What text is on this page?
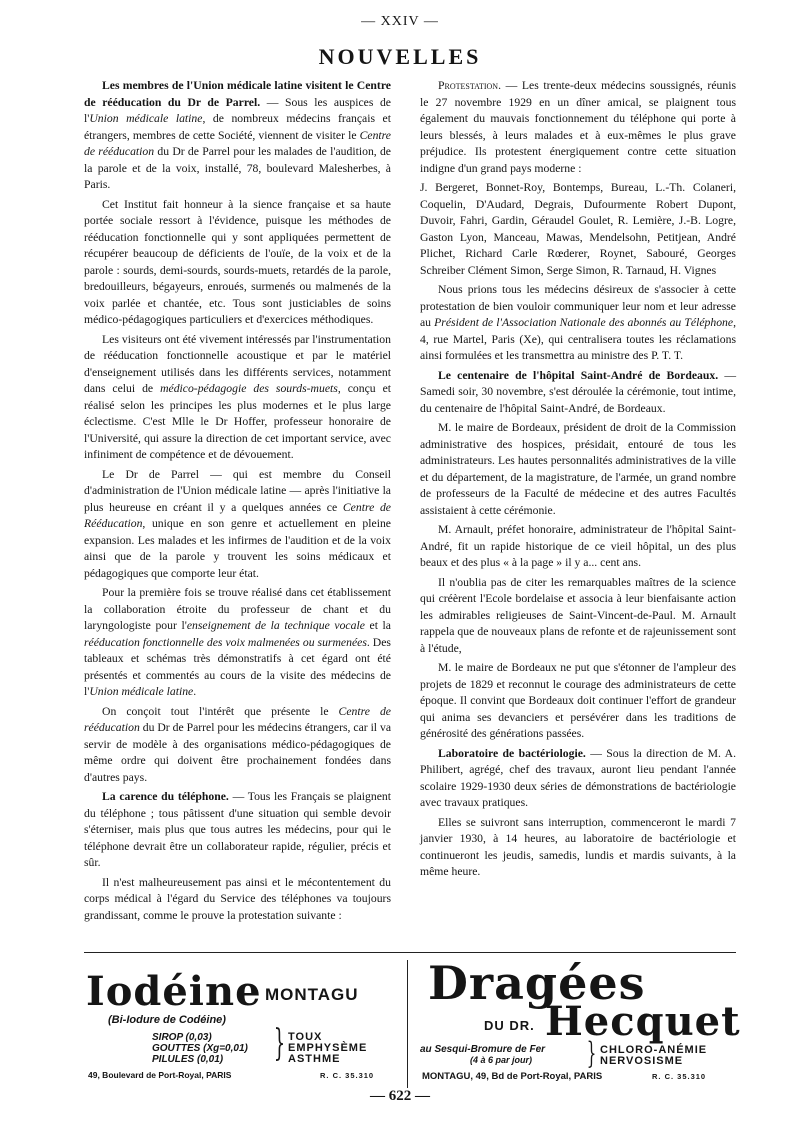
— XXIV —
NOUVELLES

Les membres de l'Union médicale latine visitent le Centre de rééducation du Dr de Parrel. — Sous les auspices de l'Union médicale latine, de nombreux médecins français et étrangers, membres de cette Société, viennent de visiter le Centre de rééducation du Dr de Parrel pour les malades de l'audition, de la parole et de la voix, installé, 78, boulevard Malesherbes, à Paris.

Cet Institut fait honneur à la sience française et sa haute portée sociale ressort à l'évidence, puisque les méthodes de rééducation fonctionnelle qui y sont appliquées permettent de récupérer beaucoup de déficients de l'ouïe, de la voix et de la parole : sourds, demi-sourds, sourds-muets, retardés de la parole, bredouilleurs, bégayeurs, enroués, surmenés ou malmenés de la voix parlée et chantée, etc. Tous sont justiciables de soins médico-pédagogiques particuliers et d'exercices méthodiques.

Les visiteurs ont été vivement intéressés par l'instrumentation de rééducation fonctionnelle acoustique et par le matériel d'enseignement utilisés dans les différents services, notamment dans celui de médico-pédagogie des sourds-muets, conçu et réalisé selon les principes les plus modernes et le plus large éclectisme. C'est Mlle le Dr Hoffer, professeur honoraire de l'Université, qui assure la direction de cet important service, avec infiniment de compétence et de dévouement.

Le Dr de Parrel — qui est membre du Conseil d'administration de l'Union médicale latine — après l'initiative la plus heureuse en créant il y a quelques années ce Centre de Rééducation, unique en son genre et actuellement en pleine expansion. Les malades et les infirmes de l'audition et de la voix ainsi que de la parole y trouvent les soins médicaux et pédagogiques que comporte leur état.

Pour la première fois se trouve réalisé dans cet établissement la collaboration étroite du professeur de chant et du laryngologiste pour l'enseignement de la technique vocale et la rééducation fonctionnelle des voix malmenées ou surmenées. Des tableaux et schémas très démonstratifs à cet égard ont été présentés et commentés au cours de la visite des médecins de l'Union médicale latine.

On conçoit tout l'intérêt que présente le Centre de rééducation du Dr de Parrel pour les médecins étrangers, car il va servir de modèle à des organisations médico-pédagogiques de même ordre qui doivent être prochainement fondées dans d'autres pays.

La carence du téléphone. — Tous les Français se plaignent du téléphone ; tous pâtissent d'une situation qui semble devoir s'éterniser, mais plus que tous autres les médecins, pour qui le téléphone devrait être un collaborateur rapide, régulier, précis et sûr.

Il n'est malheureusement pas ainsi et le mécontentement du corps médical à l'égard du Service des téléphones va toujours grandissant, comme le prouve la protestation suivante :

Protestation. — Les trente-deux médecins soussignés, réunis le 27 novembre 1929 en un dîner amical, se plaignent tous également du mauvais fonctionnement du téléphone qui porte à leurs blessés, à leurs malades et à eux-mêmes le plus grave préjudice. Ils protestent énergiquement contre cette situation indigne d'un grand pays moderne :

J. Bergeret, Bonnet-Roy, Bontemps, Bureau, L.-Th. Colaneri, Coquelin, D'Audard, Degrais, Dufourmente Robert Dupont, Duvoir, Fahri, Gardin, Géraudel Goulet, R. Lemière, J.-B. Logre, Gaston Lyon, Manceau, Mawas, Mendelsohn, Petitjean, André Plichet, Richard Carle Rœderer, Roynet, Sabouré, Georges Schreiber Clément Simon, Serge Simon, R. Tarnaud, H. Vignes

Nous prions tous les médecins désireux de s'associer à cette protestation de bien vouloir communiquer leur nom et leur adresse au Président de l'Association Nationale des abonnés au Téléphone, 4, rue Martel, Paris (Xe), qui centralisera toutes les réclamations ainsi formulées et les transmettra au ministre des P. T. T.

Le centenaire de l'hôpital Saint-André de Bordeaux. — Samedi soir, 30 novembre, s'est déroulée la cérémonie, tout intime, du centenaire de l'hôpital Saint-André, de Bordeaux.

M. le maire de Bordeaux, président de droit de la Commission administrative des hospices, présidait, entouré de tous les administrateurs. Les hautes personnalités administratives de la ville et du département, de la magistrature, de l'armée, un grand nombre de professeurs de la Faculté de médecine et des autres Facultés assistaient à cette cérémonie.

M. Arnault, préfet honoraire, administrateur de l'hôpital Saint-André, fit un rapide historique de ce vieil hôpital, un des plus beaux et des plus « à la page » il y a... cent ans.

Il n'oublia pas de citer les remarquables maîtres de la science qui créèrent l'Ecole bordelaise et associa à leur bienfaisante action les admirables religieuses de Saint-Vincent-de-Paul. M. Arnault rappela que de nouveaux plans de refonte et de rajeunissement sont à l'étude,

M. le maire de Bordeaux ne put que s'étonner de l'ampleur des projets de 1829 et reconnut le courage des administrateurs de cette époque. Il convint que Bordeaux doit continuer l'effort de grandeur qui anima ses devanciers et persévérer dans les traditions de générosité des générations passées.

Laboratoire de bactériologie. — Sous la direction de M. A. Philibert, agrégé, chef des travaux, auront lieu pendant l'année scolaire 1929-1930 deux séries de démonstrations de bactériologie avec travaux pratiques.

Elles se suivront sans interruption, commenceront le mardi 7 janvier 1930, à 14 heures, au laboratoire de bactériologie et continueront les jeudis, samedis, lundis et mardis suivants, à la même heure.

Iodéine MONTAGU
(Bi-Iodure de Codéine)
SIROP (0,03)
GOUTTES (Xg=0,01)
PILULES (0,01)	} TOUX
EMPHYSÈME
ASTHME
49, Boulevard de Port-Royal, PARIS	R. C. 35.310
Dragées
DU DR. Hecquet
au Sesqui-Bromure de Fer
(4 à 6 par jour) } CHLORO-ANÉMIE
NERVOSISME
MONTAGU, 49, Bd de Port-Royal, PARIS	R. C. 35.310
— 622 —
